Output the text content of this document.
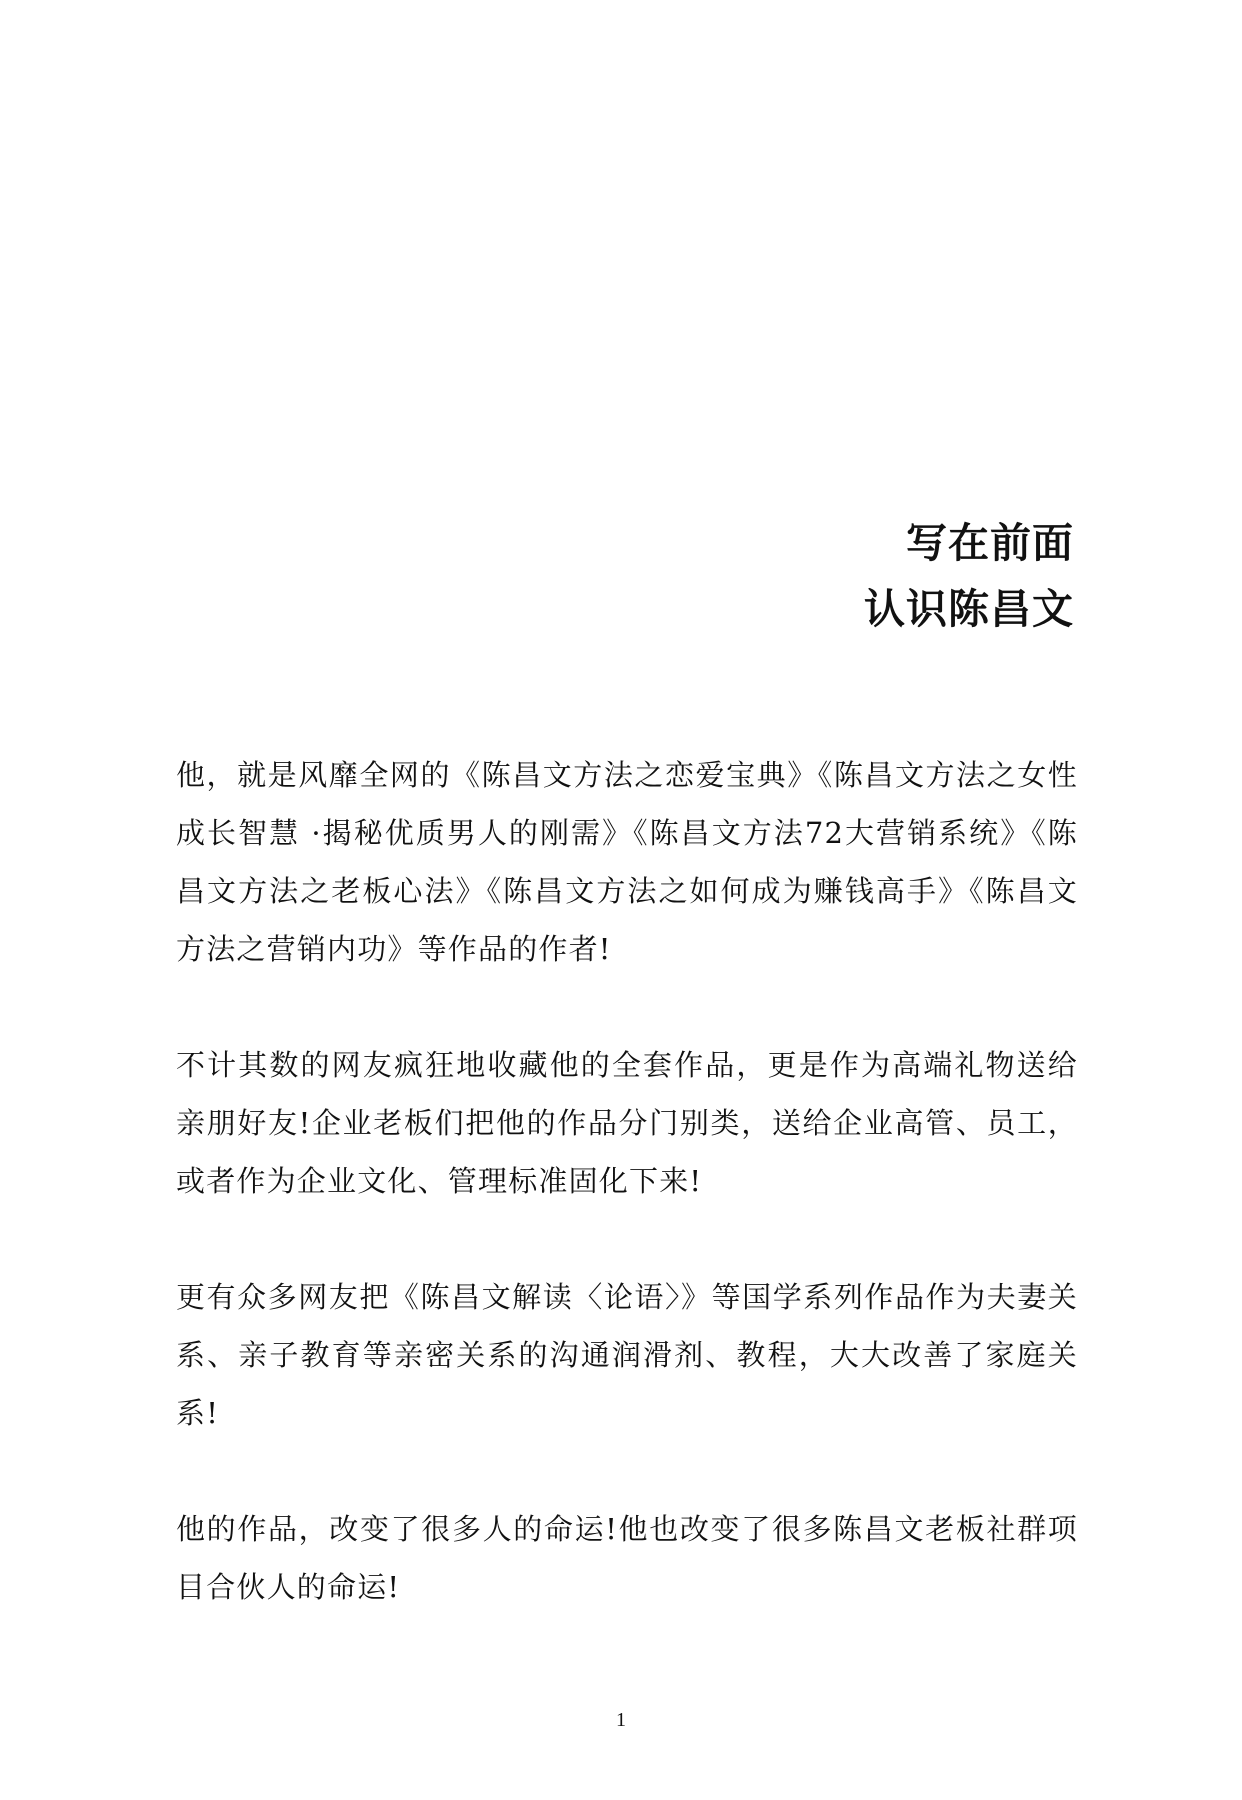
写在前面
认识陈昌文

他，就是风靡全网的《陈昌文方法之恋爱宝典》《陈昌文方法之女性成长智慧 ·揭秘优质男人的刚需》《陈昌文方法72大营销系统》《陈昌文方法之老板心法》《陈昌文方法之如何成为赚钱高手》《陈昌文方法之营销内功》等作品的作者!

不计其数的网友疯狂地收藏他的全套作品，更是作为高端礼物送给亲朋好友!企业老板们把他的作品分门别类，送给企业高管、员工，或者作为企业文化、管理标准固化下来!

更有众多网友把《陈昌文解读〈论语〉》等国学系列作品作为夫妻关系、亲子教育等亲密关系的沟通润滑剂、教程，大大改善了家庭关系!

他的作品，改变了很多人的命运!他也改变了很多陈昌文老板社群项目合伙人的命运!

1
